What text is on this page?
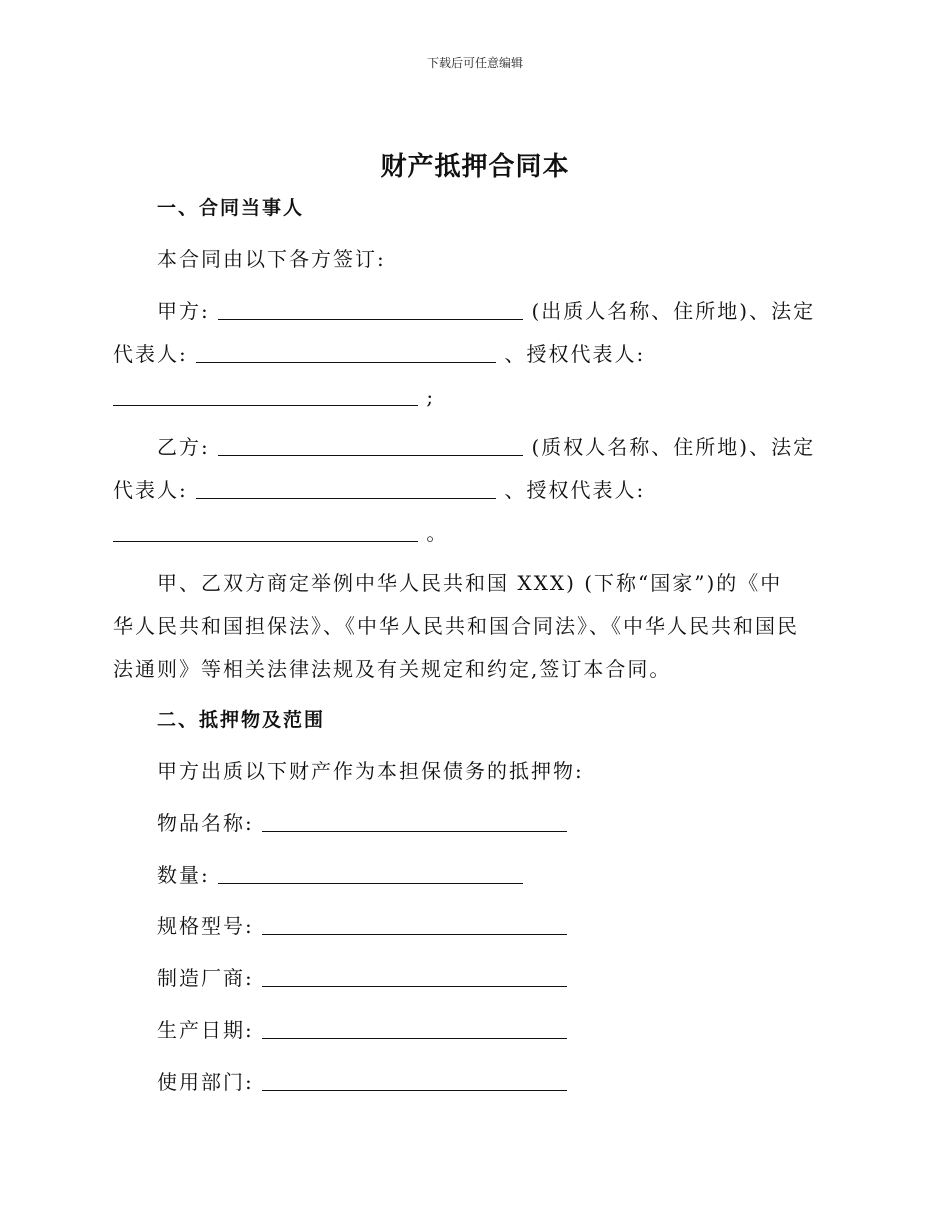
下载后可任意编辑
财产抵押合同本
一、合同当事人
本合同由以下各方签订:
甲方:	(出质人名称、住所地)、法定
代表人:	、授权代表人:
;
乙方:	(质权人名称、住所地)、法定
代表人:	、授权代表人:
。
甲、乙双方商定举例中华人民共和国 XXX) (下称“国家”)的《中
华人民共和国担保法》、《中华人民共和国合同法》、《中华人民共和国民
法通则》等相关法律法规及有关规定和约定,签订本合同。
二、抵押物及范围
甲方出质以下财产作为本担保债务的抵押物:
物品名称:
数量:
规格型号:
制造厂商:
生产日期:
使用部门:
